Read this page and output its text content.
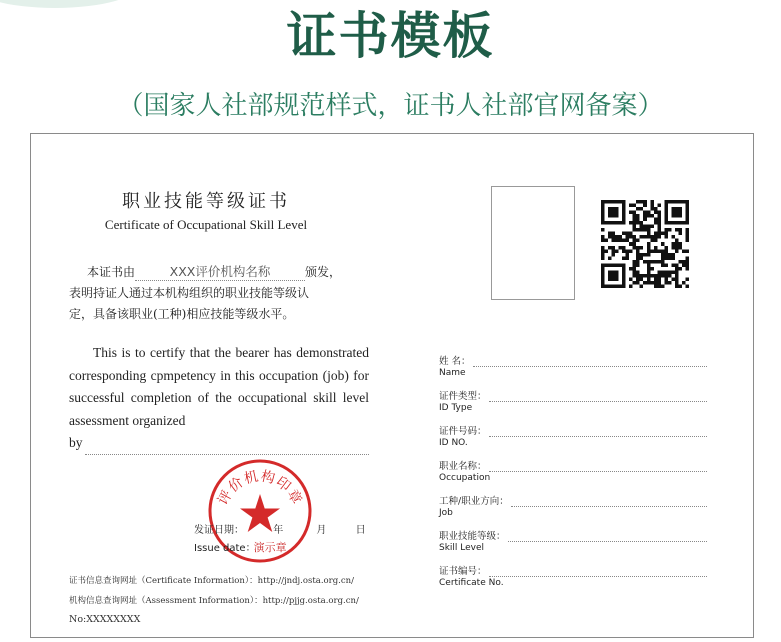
证书模板
（国家人社部规范样式，证书人社部官网备案）
职业技能等级证书
Certificate of Occupational Skill Level
本证书由	XXX评价机构名称	颁发，
表明持证人通过本机构组织的职业技能等级认
定，具备该职业(工种)相应技能等级水平。
This is to certify that the bearer has demonstrated corresponding cpmpetency in this occupation (job) for successful completion of the occupational skill level assessment organized
by
评价机构印章
发证日期：	年	月	日
Issue date：演示章
证书信息查询网址（Certificate Information）：http://jndj.osta.org.cn/
机构信息查询网址（Assessment Information）：http://pjjg.osta.org.cn/
No:XXXXXXXX
姓 名：
Name
证件类型：
ID Type
证件号码：
ID NO.
职业名称：
Occupation
工种/职业方向：
Job
职业技能等级：
Skill Level
证书编号：
Certificate No.
